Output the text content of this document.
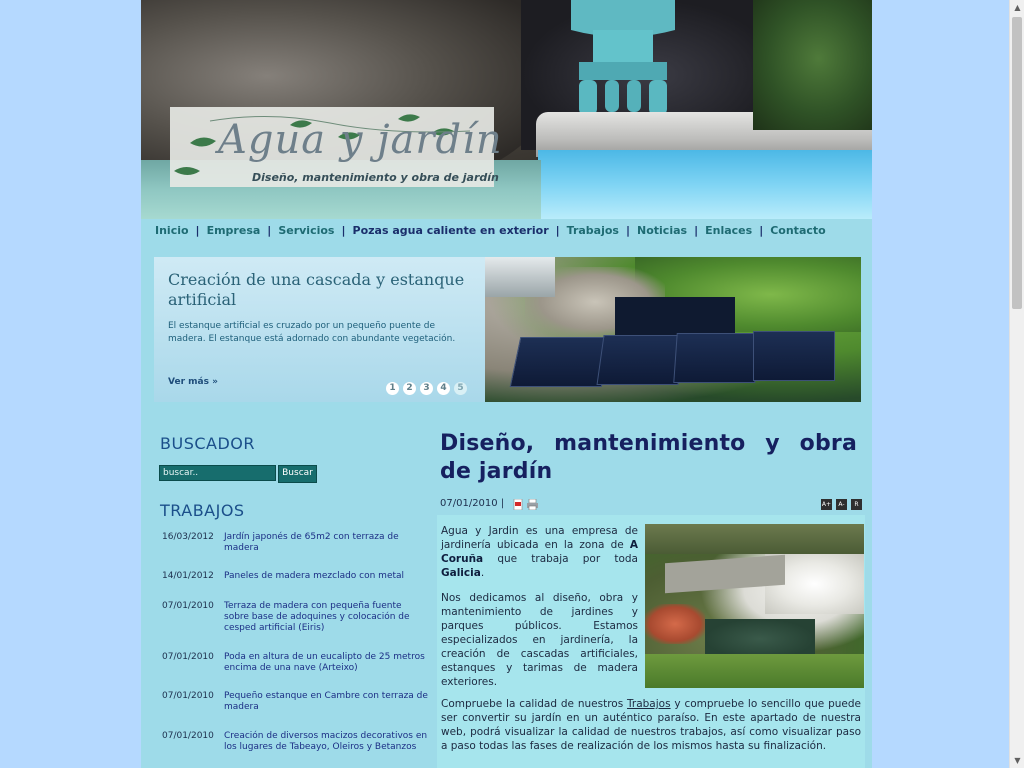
Agua y jardín
Diseño, mantenimiento y obra de jardín
Inicio | Empresa | Servicios | Pozas agua caliente en exterior | Trabajos | Noticias | Enlaces | Contacto
Creación de una cascada y estanque artificial
El estanque artificial es cruzado por un pequeño puente de madera. El estanque está adornado con abundante vegetación.
Ver más »
1 2 3 4 5
BUSCADOR
buscar..	Buscar
TRABAJOS
16/03/2012 Jardín japonés de 65m2 con terraza de madera
14/01/2012 Paneles de madera mezclado con metal
07/01/2010 Terraza de madera con pequeña fuente sobre base de adoquines y colocación de cesped artificial (Eiris)
07/01/2010 Poda en altura de un eucalipto de 25 metros encima de una nave (Arteixo)
07/01/2010 Pequeño estanque en Cambre con terraza de madera
07/01/2010 Creación de diversos macizos decorativos en los lugares de Tabeayo, Oleiros y Betanzos
Diseño, mantenimiento y obra de jardín
07/01/2010 |	A+	A-	R
Agua y Jardin es una empresa de jardinería ubicada en la zona de A Coruña que trabaja por toda Galicia.
Nos dedicamos al diseño, obra y mantenimiento de jardines y parques públicos. Estamos especializados en jardinería, la creación de cascadas artificiales, estanques y tarimas de madera exteriores.
Compruebe la calidad de nuestros Trabajos y compruebe lo sencillo que puede ser convertir su jardín en un auténtico paraíso. En este apartado de nuestra web, podrá visualizar la calidad de nuestros trabajos, así como visualizar paso a paso todas las fases de realización de los mismos hasta su finalización.
▲
▼
